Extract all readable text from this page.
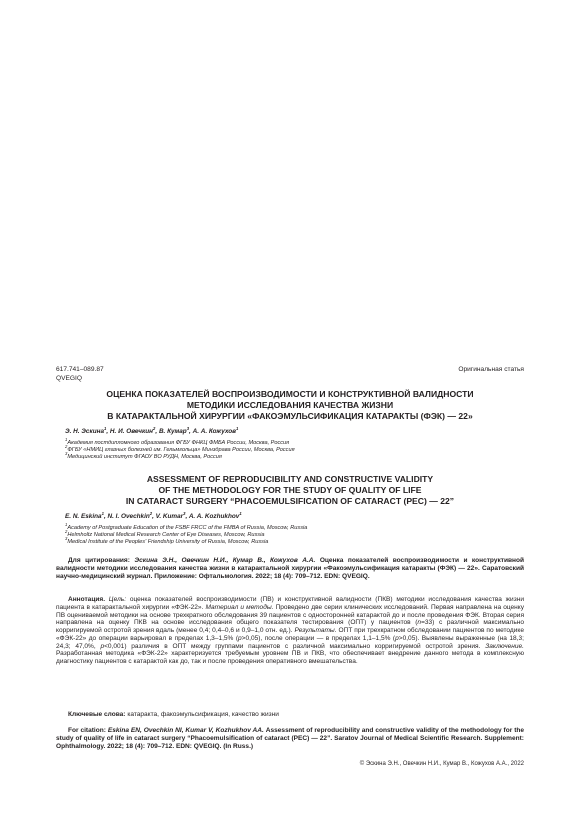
617.741–089.87
QVEGIQ
Оригинальная статья
ОЦЕНКА ПОКАЗАТЕЛЕЙ ВОСПРОИЗВОДИМОСТИ И КОНСТРУКТИВНОЙ ВАЛИДНОСТИ
МЕТОДИКИ ИССЛЕДОВАНИЯ КАЧЕСТВА ЖИЗНИ
В КАТАРАКТАЛЬНОЙ ХИРУРГИИ «ФАКОЭМУЛЬСИФИКАЦИЯ КАТАРАКТЫ (ФЭК) — 22»
Э. Н. Эскина$^1$, Н. И. Овечкин$^2$, В. Кумар$^3$, А. А. Кожухов$^1$
$^1$Академия постдипломного образования ФГБУ ФНКЦ ФМБА России, Москва, Россия
$^2$ФГБУ «НМИЦ глазных болезней им. Гельмгольца» Минздрава России, Москва, Россия
$^3$Медицинский институт ФГАОУ ВО РУДН, Москва, Россия
ASSESSMENT OF REPRODUCIBILITY AND CONSTRUCTIVE VALIDITY
OF THE METHODOLOGY FOR THE STUDY OF QUALITY OF LIFE
IN CATARACT SURGERY “PHACOEMULSIFICATION OF CATARACT (PEC) — 22”
E. N. Eskina$^1$, N. I. Ovechkin$^2$, V. Kumar$^3$, A. A. Kozhukhov$^1$
$^1$Academy of Postgraduate Education of the FSBF FRCC of the FMBA of Russia, Moscow, Russia
$^2$Helmholtz National Medical Research Center of Eye Diseases, Moscow, Russia
$^3$Medical Institute of the Peoples' Friendship University of Russia, Moscow, Russia

Для цитирования: Эскина Э.Н., Овечкин Н.И., Кумар В., Кожухов А.А. Оценка показателей воспроизводимости и конструктивной валидности методики исследования качества жизни в катарактальной хирургии «Факоэмульсификация катаракты (ФЭК) — 22». Саратовский научно-медицинский журнал. Приложение: Офтальмология. 2022; 18 (4): 709–712. EDN: QVEGIQ.

Аннотация. Цель: оценка показателей воспроизводимости (ПВ) и конструктивной валидности (ПКВ) методики исследования качества жизни пациента в катарактальной хирургии «ФЭК-22». Материал и методы. Проведено две серии клинических исследований. Первая направлена на оценку ПВ оцениваемой методики на основе трехкратного обследования 39 пациентов с односторонней катарактой до и после проведения ФЭК. Вторая серия направлена на оценку ПКВ на основе исследования общего показателя тестирования (ОПТ) у пациентов (n=33) с различной максимально корригируемой остротой зрения вдаль (менее 0,4; 0,4–0,6 и 0,9–1,0 отн. ед.). Результаты. ОПТ при трехкратном обследовании пациентов по методике «ФЭК-22» до операции варьировал в пределах 1,3–1,5% (p>0,05), после операции — в пределах 1,1–1,5% (p>0,05). Выявлены выраженные (на 18,3; 24,3; 47,0%, p<0,001) различия в ОПТ между группами пациентов с различной максимально корригируемой остротой зрения. Заключение. Разработанная методика «ФЭК-22» характеризуется требуемым уровнем ПВ и ПКВ, что обеспечивает внедрение данного метода в комплексную диагностику пациентов с катарактой как до, так и после проведения оперативного вмешательства.

Ключевые слова: катаракта, факоэмульсификация, качество жизни

For citation: Eskina EN, Ovechkin NI, Kumar V, Kozhukhov AA. Assessment of reproducibility and constructive validity of the methodology for the study of quality of life in cataract surgery “Phacoemulsification of cataract (PEC) — 22”. Saratov Journal of Medical Scientific Research. Supplement: Ophthalmology. 2022; 18 (4): 709–712. EDN: QVEGIQ. (In Russ.)

© Эскина Э.Н., Овечкин Н.И., Кумар В., Кожухов А.А., 2022
